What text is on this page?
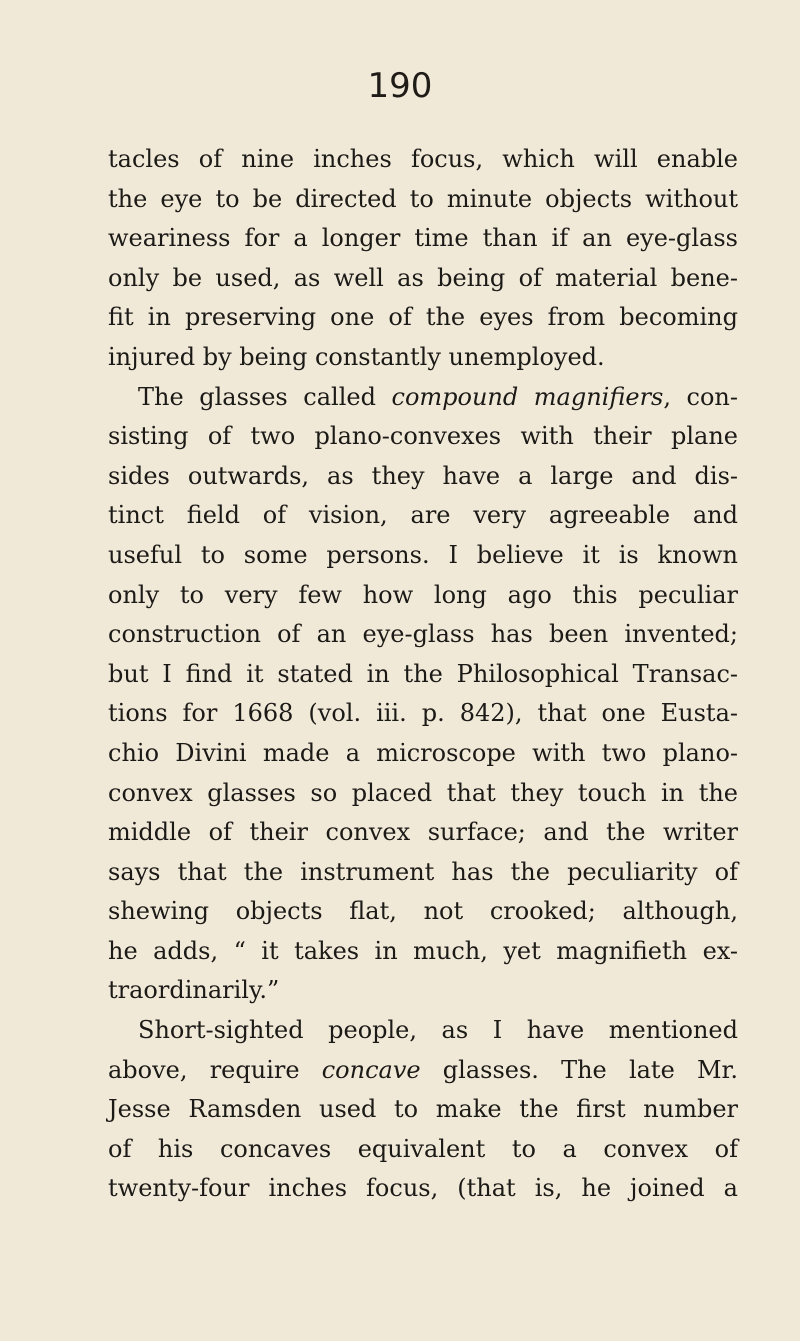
190
tacles of nine inches focus, which will enable
the eye to be directed to minute objects without
weariness for a longer time than if an eye-glass
only be used, as well as being of material bene-
fit in preserving one of the eyes from becoming
injured by being constantly unemployed.
The glasses called compound magnifiers, con-
sisting of two plano-convexes with their plane
sides outwards, as they have a large and dis-
tinct field of vision, are very agreeable and
useful to some persons. I believe it is known
only to very few how long ago this peculiar
construction of an eye-glass has been invented;
but I find it stated in the Philosophical Transac-
tions for 1668 (vol. iii. p. 842), that one Eusta-
chio Divini made a microscope with two plano-
convex glasses so placed that they touch in the
middle of their convex surface; and the writer
says that the instrument has the peculiarity of
shewing objects flat, not crooked; although,
he adds, “ it takes in much, yet magnifieth ex-
traordinarily.”
Short-sighted people, as I have mentioned
above, require concave glasses. The late Mr.
Jesse Ramsden used to make the first number
of his concaves equivalent to a convex of
twenty-four inches focus, (that is, he joined a
